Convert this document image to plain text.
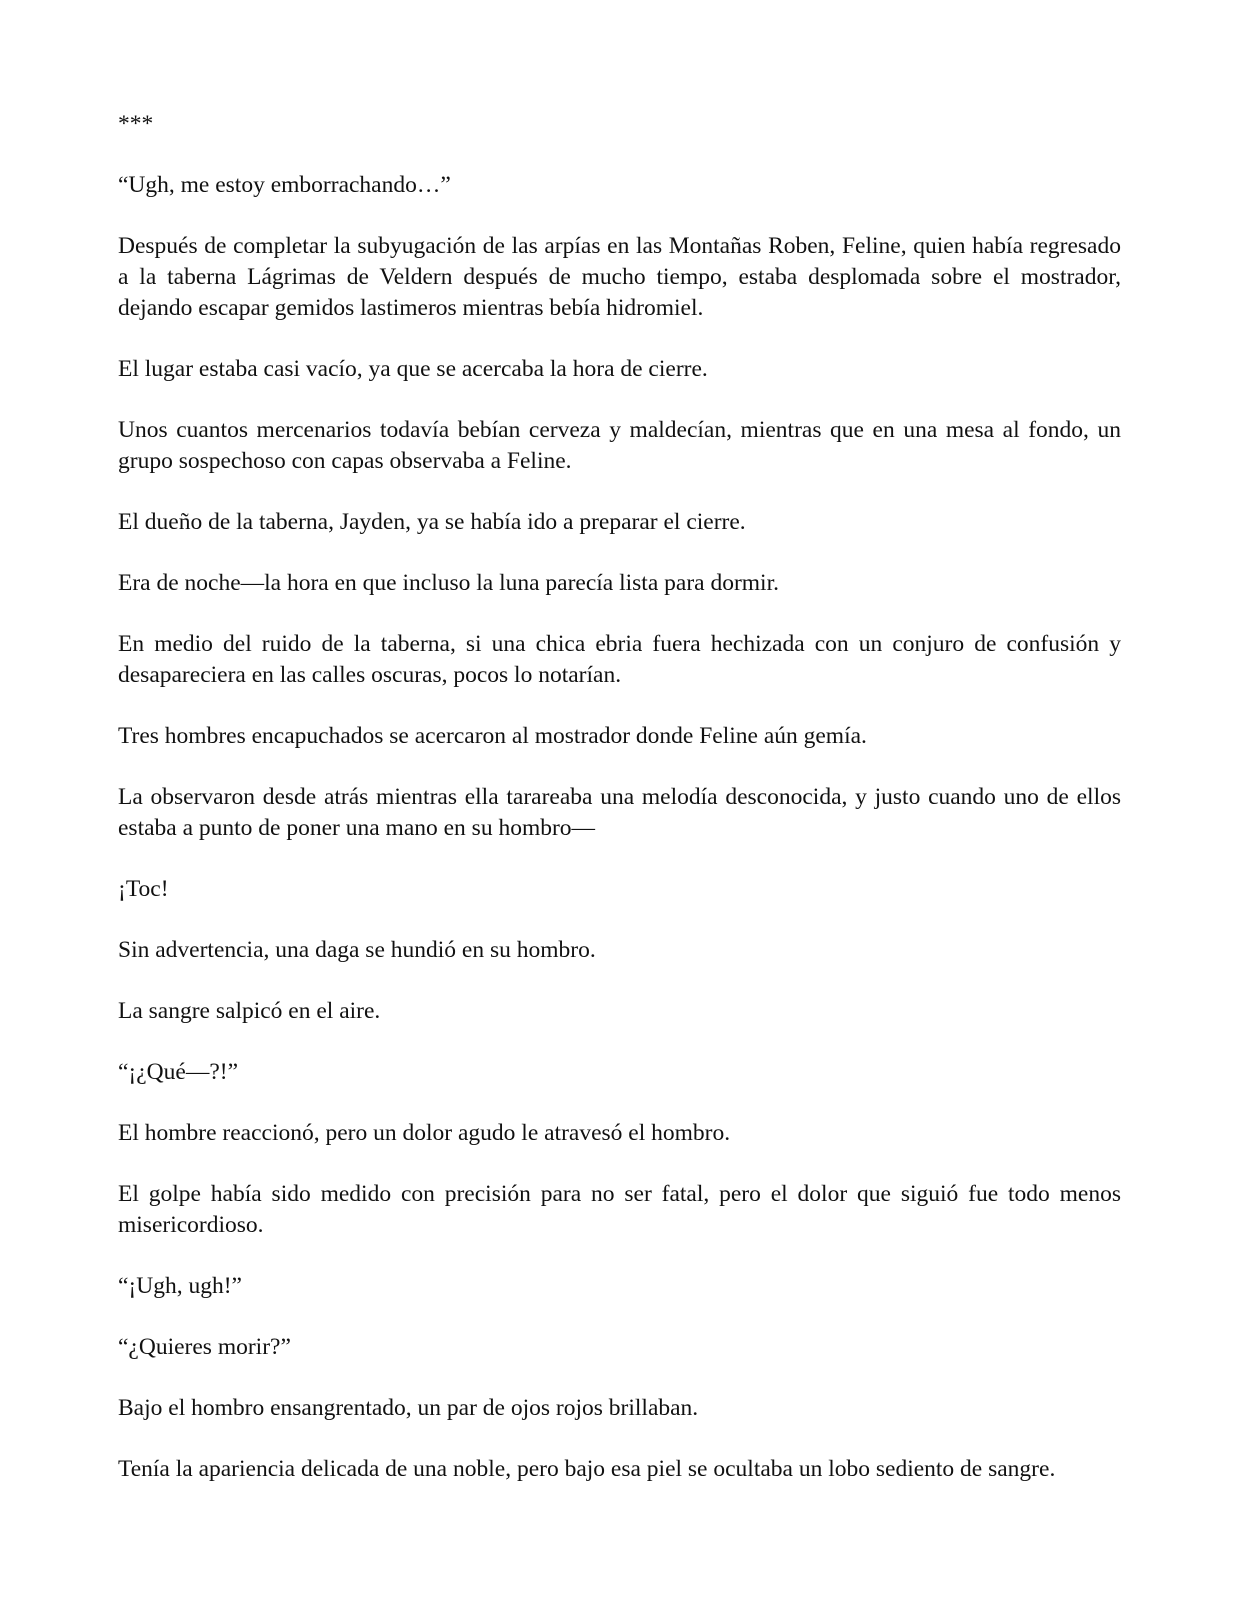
***

“Ugh, me estoy emborrachando…”

Después de completar la subyugación de las arpías en las Montañas Roben, Feline, quien había regresado a la taberna Lágrimas de Veldern después de mucho tiempo, estaba desplomada sobre el mostrador, dejando escapar gemidos lastimeros mientras bebía hidromiel.

El lugar estaba casi vacío, ya que se acercaba la hora de cierre.

Unos cuantos mercenarios todavía bebían cerveza y maldecían, mientras que en una mesa al fondo, un grupo sospechoso con capas observaba a Feline.

El dueño de la taberna, Jayden, ya se había ido a preparar el cierre.

Era de noche—la hora en que incluso la luna parecía lista para dormir.

En medio del ruido de la taberna, si una chica ebria fuera hechizada con un conjuro de confusión y desapareciera en las calles oscuras, pocos lo notarían.

Tres hombres encapuchados se acercaron al mostrador donde Feline aún gemía.

La observaron desde atrás mientras ella tarareaba una melodía desconocida, y justo cuando uno de ellos estaba a punto de poner una mano en su hombro—

¡Toc!

Sin advertencia, una daga se hundió en su hombro.

La sangre salpicó en el aire.

“¡¿Qué—?!”

El hombre reaccionó, pero un dolor agudo le atravesó el hombro.

El golpe había sido medido con precisión para no ser fatal, pero el dolor que siguió fue todo menos misericordioso.

“¡Ugh, ugh!”

“¿Quieres morir?”

Bajo el hombro ensangrentado, un par de ojos rojos brillaban.

Tenía la apariencia delicada de una noble, pero bajo esa piel se ocultaba un lobo sediento de sangre.
